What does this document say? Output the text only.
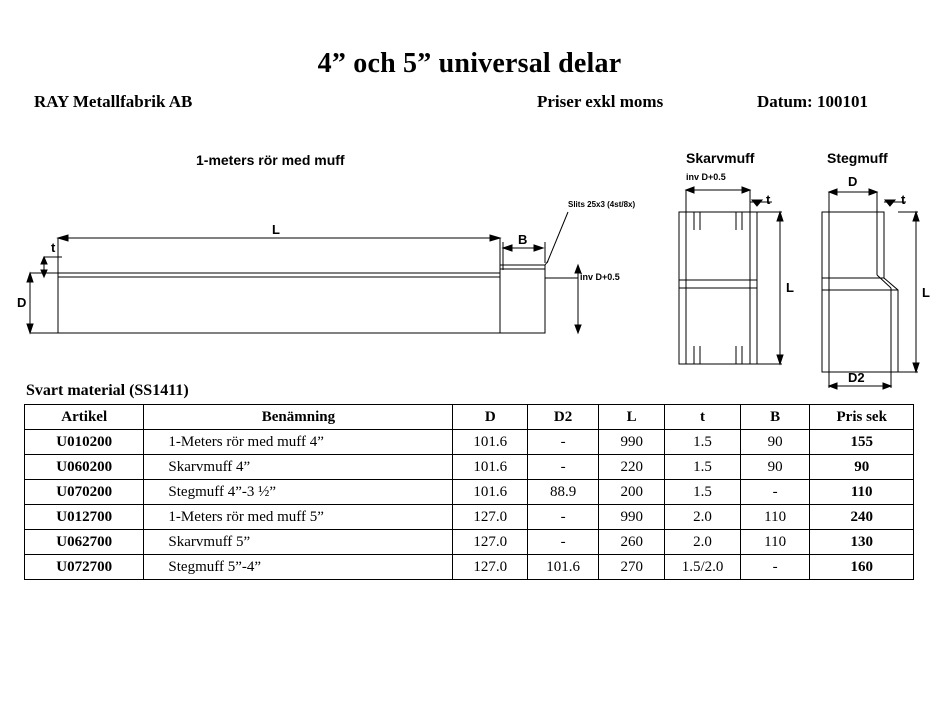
4” och 5” universal delar
RAY Metallfabrik AB	Priser exkl moms	Datum: 100101
1-meters rör med muff	Skarvmuff	Stegmuff
Slits 25x3 (4st/8x)
inv D+0.5
inv D+0.5
L
B
D
t
t
L
D
t
L
D2
Svart material (SS1411)
Artikel	Benämning	D	D2	L	t	B	Pris sek
U010200	1-Meters rör med muff 4”	101.6	-	990	1.5	90	155
U060200	Skarvmuff 4”	101.6	-	220	1.5	90	90
U070200	Stegmuff 4”-3 ½”	101.6	88.9	200	1.5	-	110
U012700	1-Meters rör med muff 5”	127.0	-	990	2.0	110	240
U062700	Skarvmuff 5”	127.0	-	260	2.0	110	130
U072700	Stegmuff 5”-4”	127.0	101.6	270	1.5/2.0	-	160
